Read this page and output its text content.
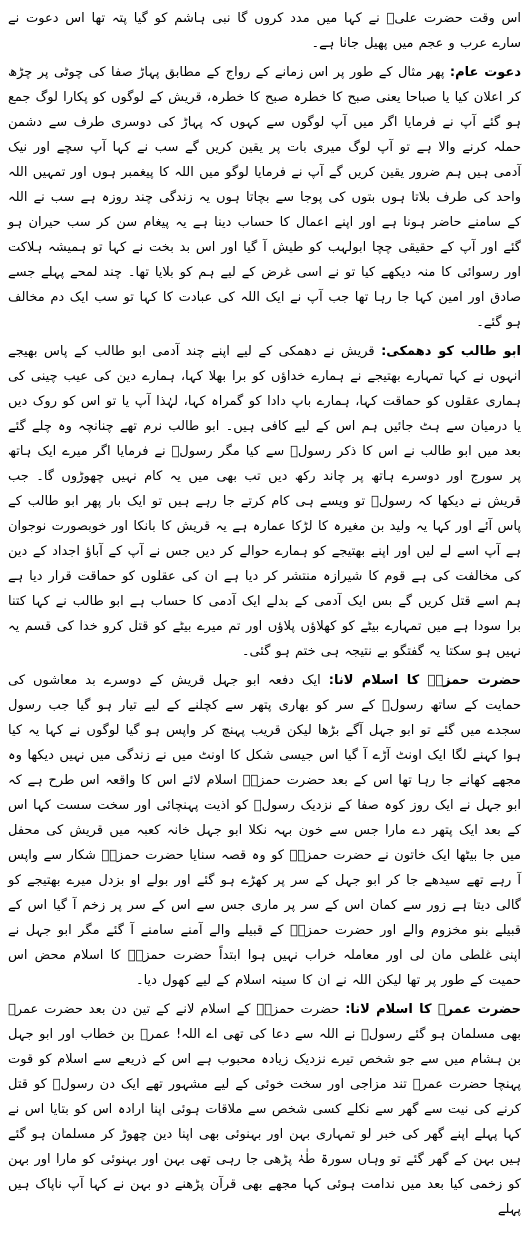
اس وقت حضرت علیؓ نے کہا میں مدد کروں گا نبی ہاشم کو گیا پتہ تھا اس دعوت نے سارے عرب و عجم میں پھیل جانا ہے۔

دعوت عام: پھر مثال کے طور پر اس زمانے کے رواج کے مطابق پہاڑ صفا کی چوٹی پر چڑھ کر اعلان کیا یا صباحا یعنی صبح کا خطرہ صبح کا خطرہ، قریش کے لوگوں کو پکارا لوگ جمع ہو گئے آپ نے فرمایا اگر میں آپ لوگوں سے کہوں کہ پہاڑ کی دوسری طرف سے دشمن حملہ کرنے والا ہے تو آپ لوگ میری بات پر یقین کریں گے سب نے کہا آپ سچے اور نیک آدمی ہیں ہم ضرور یقین کریں گے آپ نے فرمایا لوگو میں اللہ کا پیغمبر ہوں اور تمہیں اللہ واحد کی طرف بلاتا ہوں بتوں کی پوجا سے بچاتا ہوں یہ زندگی چند روزہ ہے سب نے اللہ کے سامنے حاضر ہونا ہے اور اپنے اعمال کا حساب دینا ہے یہ پیغام سن کر سب حیران ہو گئے اور آپ کے حقیقی چچا ابولہب کو طیش آ گیا اور اس بد بخت نے کہا تو ہمیشہ ہلاکت اور رسوائی کا منہ دیکھے کیا تو نے اسی غرض کے لیے ہم کو بلایا تھا۔ چند لمحے پہلے جسے صادق اور امین کہا جا رہا تھا جب آپ نے ایک اللہ کی عبادت کا کہا تو سب ایک دم مخالف ہو گئے۔

ابو طالب کو دھمکی: قریش نے دھمکی کے لیے اپنے چند آدمی ابو طالب کے پاس بھیجے انہوں نے کہا تمہارے بھتیجے نے ہمارے خداؤں کو برا بھلا کہا، ہمارے دین کی عیب چینی کی ہماری عقلوں کو حماقت کہا، ہمارے باپ دادا کو گمراہ کہا، لہٰذا آپ یا تو اس کو روک دیں یا درمیان سے ہٹ جائیں ہم اس کے لیے کافی ہیں۔ ابو طالب نرم تھے چنانچہ وہ چلے گئے بعد میں ابو طالب نے اس کا ذکر رسولؐ سے کیا مگر رسولؐ نے فرمایا اگر میرے ایک ہاتھ پر سورج اور دوسرے ہاتھ پر چاند رکھ دیں تب بھی میں یہ کام نہیں چھوڑوں گا۔ جب قریش نے دیکھا کہ رسولؐ تو ویسے ہی کام کرتے جا رہے ہیں تو ایک بار پھر ابو طالب کے پاس آئے اور کہا یہ ولید بن مغیرہ کا لڑکا عمارہ ہے یہ قریش کا بانکا اور خوبصورت نوجوان ہے آپ اسے لے لیں اور اپنے بھتیجے کو ہمارے حوالے کر دیں جس نے آپ کے آباؤ اجداد کے دین کی مخالفت کی ہے قوم کا شیرازہ منتشر کر دیا ہے ان کی عقلوں کو حماقت قرار دیا ہے ہم اسے قتل کریں گے بس ایک آدمی کے بدلے ایک آدمی کا حساب ہے ابو طالب نے کہا کتنا برا سودا ہے میں تمہارے بیٹے کو کھلاؤں پلاؤں اور تم میرے بیٹے کو قتل کرو خدا کی قسم یہ نہیں ہو سکتا یہ گفتگو بے نتیجہ ہی ختم ہو گئی۔

حضرت حمزہؓ کا اسلام لانا: ایک دفعہ ابو جہل قریش کے دوسرے بد معاشوں کی حمایت کے ساتھ رسولؐ کے سر کو بھاری پتھر سے کچلنے کے لیے تیار ہو گیا جب رسول سجدے میں گئے تو ابو جہل آگے بڑھا لیکن قریب پہنچ کر واپس ہو گیا لوگوں نے کہا یہ کیا ہوا کہنے لگا ایک اونٹ آڑے آ گیا اس جیسی شکل کا اونٹ میں نے زندگی میں نہیں دیکھا وہ مجھے کھانے جا رہا تھا اس کے بعد حضرت حمزہؓ اسلام لائے اس کا واقعہ اس طرح ہے کہ ابو جہل نے ایک روز کوہ صفا کے نزدیک رسولؐ کو اذیت پہنچائی اور سخت سست کہا اس کے بعد ایک پتھر دے مارا جس سے خون بہہ نکلا ابو جہل خانہ کعبہ میں قریش کی محفل میں جا بیٹھا ایک خاتون نے حضرت حمزہؓ کو وہ قصہ سنایا حضرت حمزہؓ شکار سے واپس آ رہے تھے سیدھے جا کر ابو جہل کے سر پر کھڑے ہو گئے اور بولے او بزدل میرے بھتیجے کو گالی دیتا ہے زور سے کمان اس کے سر پر ماری جس سے اس کے سر پر زخم آ گیا اس کے قبیلے بنو مخزوم والے اور حضرت حمزہؓ کے قبیلے والے آمنے سامنے آ گئے مگر ابو جہل نے اپنی غلطی مان لی اور معاملہ خراب نہیں ہوا ابتداً حضرت حمزہؓ کا اسلام محض اس حمیت کے طور پر تھا لیکن اللہ نے ان کا سینہ اسلام کے لیے کھول دیا۔

حضرت عمرؓ کا اسلام لانا: حضرت حمزہؓ کے اسلام لانے کے تین دن بعد حضرت عمرؓ بھی مسلمان ہو گئے رسولؐ نے اللہ سے دعا کی تھی اے اللہ! عمرؓ بن خطاب اور ابو جہل بن ہشام میں سے جو شخص تیرے نزدیک زیادہ محبوب ہے اس کے ذریعے سے اسلام کو قوت پہنچا حضرت عمرؓ تند مزاجی اور سخت خوئی کے لیے مشہور تھے ایک دن رسولؐ کو قتل کرنے کی نیت سے گھر سے نکلے کسی شخص سے ملاقات ہوئی اپنا ارادہ اس کو بتایا اس نے کہا پہلے اپنے گھر کی خبر لو تمہاری بہن اور بہنوئی بھی اپنا دین چھوڑ کر مسلمان ہو گئے ہیں بہن کے گھر گئے تو وہاں سورۃ طٰہٰ پڑھی جا رہی تھی بہن اور بہنوئی کو مارا اور بہن کو زخمی کیا بعد میں ندامت ہوئی کہا مجھے بھی قرآن پڑھنے دو بہن نے کہا آپ ناپاک ہیں پہلے
